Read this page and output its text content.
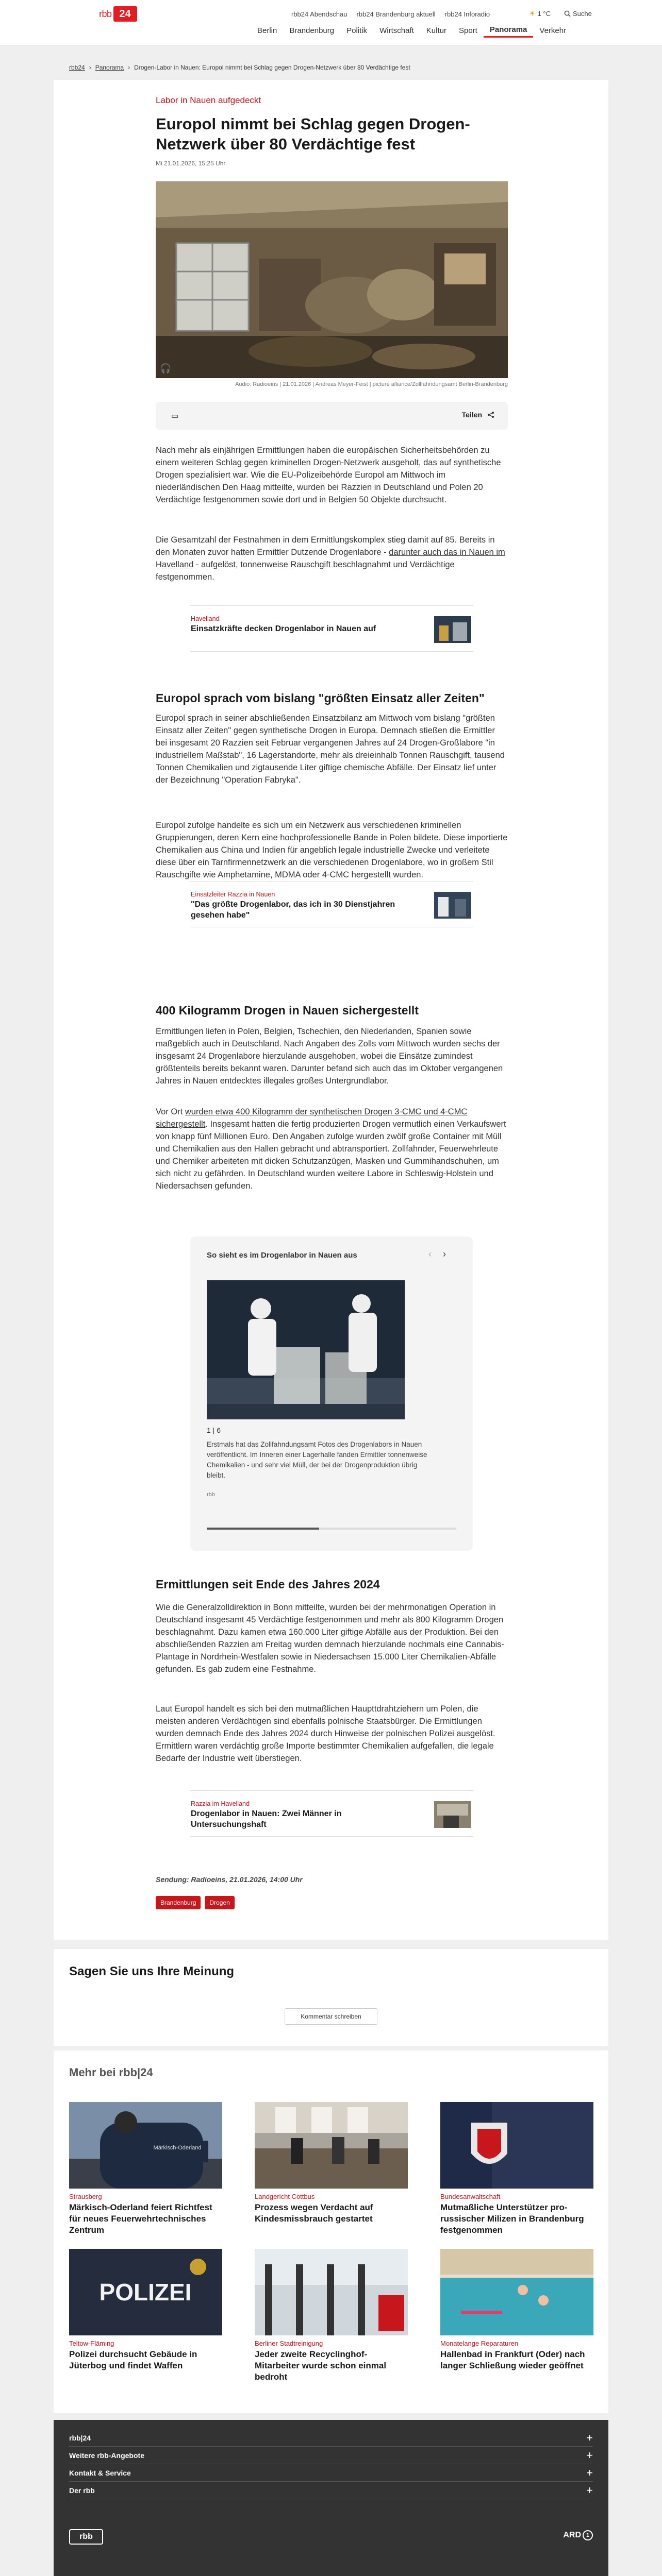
rbb 24	rbb24 Abendschau rbb24 Brandenburg aktuell rbb24 Inforadio	☀ 1 °C	Suche
Berlin	Brandenburg	Politik	Wirtschaft	Kultur	Sport	Panorama	Verkehr
rbb24 › Panorama › Drogen-Labor in Nauen: Europol nimmt bei Schlag gegen Drogen-Netzwerk über 80 Verdächtige fest
Labor in Nauen aufgedeckt
Europol nimmt bei Schlag gegen Drogen-Netzwerk über 80 Verdächtige fest
Mi 21.01.2026, 15:25 Uhr
🎧
Audio: Radioeins | 21.01.2026 | Andreas Meyer-Feist | picture alliance/Zollfahndungsamt Berlin-Brandenburg
▭	Teilen

Nach mehr als einjährigen Ermittlungen haben die europäischen Sicherheitsbehörden zu einem weiteren Schlag gegen kriminellen Drogen-Netzwerk ausgeholt, das auf synthetische Drogen spezialisiert war. Wie die EU-Polizeibehörde Europol am Mittwoch im niederländischen Den Haag mitteilte, wurden bei Razzien in Deutschland und Polen 20 Verdächtige festgenommen sowie dort und in Belgien 50 Objekte durchsucht.

Die Gesamtzahl der Festnahmen in dem Ermittlungskomplex stieg damit auf 85. Bereits in den Monaten zuvor hatten Ermittler Dutzende Drogenlabore - darunter auch das in Nauen im Havelland - aufgelöst, tonnenweise Rauschgift beschlagnahmt und Verdächtige festgenommen.

Havelland
Einsatzkräfte decken Drogenlabor in Nauen auf
Europol sprach vom bislang "größten Einsatz aller Zeiten"

Europol sprach in seiner abschließenden Einsatzbilanz am Mittwoch vom bislang "größten Einsatz aller Zeiten" gegen synthetische Drogen in Europa. Demnach stießen die Ermittler bei insgesamt 20 Razzien seit Februar vergangenen Jahres auf 24 Drogen-Großlabore "in industriellem Maßstab", 16 Lagerstandorte, mehr als dreieinhalb Tonnen Rauschgift, tausend Tonnen Chemikalien und zigtausende Liter giftige chemische Abfälle. Der Einsatz lief unter der Bezeichnung "Operation Fabryka".

Europol zufolge handelte es sich um ein Netzwerk aus verschiedenen kriminellen Gruppierungen, deren Kern eine hochprofessionelle Bande in Polen bildete. Diese importierte Chemikalien aus China und Indien für angeblich legale industrielle Zwecke und verleitete diese über ein Tarnfirmennetzwerk an die verschiedenen Drogenlabore, wo in großem Stil Rauschgifte wie Amphetamine, MDMA oder 4-CMC hergestellt wurden.

Einsatzleiter Razzia in Nauen
"Das größte Drogenlabor, das ich in 30 Dienstjahren gesehen habe"
400 Kilogramm Drogen in Nauen sichergestellt

Ermittlungen liefen in Polen, Belgien, Tschechien, den Niederlanden, Spanien sowie maßgeblich auch in Deutschland. Nach Angaben des Zolls vom Mittwoch wurden sechs der insgesamt 24 Drogenlabore hierzulande ausgehoben, wobei die Einsätze zumindest größtenteils bereits bekannt waren. Darunter befand sich auch das im Oktober vergangenen Jahres in Nauen entdecktes illegales großes Untergrundlabor.

Vor Ort wurden etwa 400 Kilogramm der synthetischen Drogen 3-CMC und 4-CMC sichergestellt. Insgesamt hatten die fertig produzierten Drogen vermutlich einen Verkaufswert von knapp fünf Millionen Euro. Den Angaben zufolge wurden zwölf große Container mit Müll und Chemikalien aus den Hallen gebracht und abtransportiert. Zollfahnder, Feuerwehrleute und Chemiker arbeiteten mit dicken Schutzanzügen, Masken und Gummihandschuhen, um sich nicht zu gefährden. In Deutschland wurden weitere Labore in Schleswig-Holstein und Niedersachsen gefunden.

So sieht es im Drogenlabor in Nauen aus	‹ ›
1 | 6
Erstmals hat das Zollfahndungsamt Fotos des Drogenlabors in Nauen veröffentlicht. Im Inneren einer Lagerhalle fanden Ermittler tonnenweise Chemikalien - und sehr viel Müll, der bei der Drogenproduktion übrig bleibt.
rbb
Ermittlungen seit Ende des Jahres 2024

Wie die Generalzolldirektion in Bonn mitteilte, wurden bei der mehrmonatigen Operation in Deutschland insgesamt 45 Verdächtige festgenommen und mehr als 800 Kilogramm Drogen beschlagnahmt. Dazu kamen etwa 160.000 Liter giftige Abfälle aus der Produktion. Bei den abschließenden Razzien am Freitag wurden demnach hierzulande nochmals eine Cannabis-Plantage in Nordrhein-Westfalen sowie in Niedersachsen 15.000 Liter Chemikalien-Abfälle gefunden. Es gab zudem eine Festnahme.

Laut Europol handelt es sich bei den mutmaßlichen Haupttdrahtziehern um Polen, die meisten anderen Verdächtigen sind ebenfalls polnische Staatsbürger. Die Ermittlungen wurden demnach Ende des Jahres 2024 durch Hinweise der polnischen Polizei ausgelöst. Ermittlern waren verdächtig große Importe bestimmter Chemikalien aufgefallen, die legale Bedarfe der Industrie weit überstiegen.

Razzia im Havelland
Drogenlabor in Nauen: Zwei Männer in Untersuchungshaft
Sendung: Radioeins, 21.01.2026, 14:00 Uhr
Brandenburg	Drogen
Sagen Sie uns Ihre Meinung
Kommentar schreiben
Mehr bei rbb|24
Märkisch-Oderland
Strausberg
Märkisch-Oderland feiert Richtfest für neues Feuerwehrtechnisches Zentrum
Landgericht Cottbus
Prozess wegen Verdacht auf Kindesmissbrauch gestartet
Bundesanwaltschaft
Mutmaßliche Unterstützer pro-russischer Milizen in Brandenburg festgenommen
POLIZEI
Teltow-Fläming
Polizei durchsucht Gebäude in Jüterbog und findet Waffen
Berliner Stadtreinigung
Jeder zweite Recyclinghof-Mitarbeiter wurde schon einmal bedroht
Monatelange Reparaturen
Hallenbad in Frankfurt (Oder) nach langer Schließung wieder geöffnet
rbb|24	+
Weitere rbb-Angebote	+
Kontakt & Service	+
Der rbb	+
rbb	ARD 1
